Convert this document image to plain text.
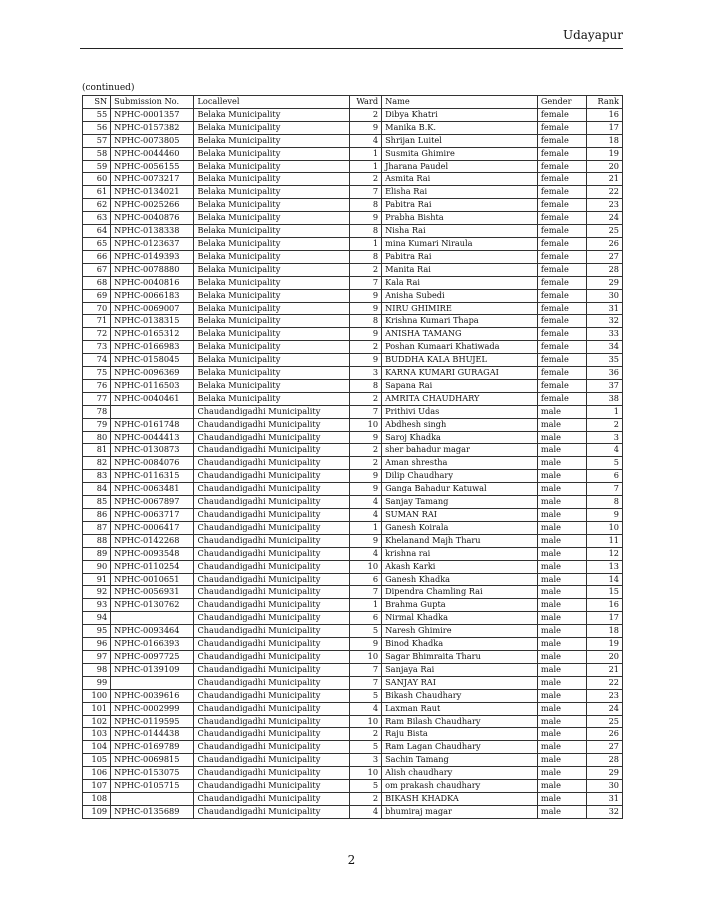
Udayapur
(continued)
SN	Submission No.	Locallevel	Ward	Name	Gender	Rank
55	NPHC-0001357	Belaka Municipality	2	Dibya Khatri	female	16
56	NPHC-0157382	Belaka Municipality	9	Manika B.K.	female	17
57	NPHC-0073805	Belaka Municipality	4	Shrijan Luitel	female	18
58	NPHC-0044460	Belaka Municipality	1	Susmita Ghimire	female	19
59	NPHC-0056155	Belaka Municipality	1	Jharana Paudel	female	20
60	NPHC-0073217	Belaka Municipality	2	Asmita Rai	female	21
61	NPHC-0134021	Belaka Municipality	7	Elisha Rai	female	22
62	NPHC-0025266	Belaka Municipality	8	Pabitra Rai	female	23
63	NPHC-0040876	Belaka Municipality	9	Prabha Bishta	female	24
64	NPHC-0138338	Belaka Municipality	8	Nisha Rai	female	25
65	NPHC-0123637	Belaka Municipality	1	mina Kumari Niraula	female	26
66	NPHC-0149393	Belaka Municipality	8	Pabitra Rai	female	27
67	NPHC-0078880	Belaka Municipality	2	Manita Rai	female	28
68	NPHC-0040816	Belaka Municipality	7	Kala Rai	female	29
69	NPHC-0066183	Belaka Municipality	9	Anisha Subedi	female	30
70	NPHC-0069007	Belaka Municipality	9	NIRU GHIMIRE	female	31
71	NPHC-0138315	Belaka Municipality	8	Krishna Kumari Thapa	female	32
72	NPHC-0165312	Belaka Municipality	9	ANISHA TAMANG	female	33
73	NPHC-0166983	Belaka Municipality	2	Poshan Kumaari Khatiwada	female	34
74	NPHC-0158045	Belaka Municipality	9	BUDDHA KALA BHUJEL	female	35
75	NPHC-0096369	Belaka Municipality	3	KARNA KUMARI GURAGAI	female	36
76	NPHC-0116503	Belaka Municipality	8	Sapana Rai	female	37
77	NPHC-0040461	Belaka Municipality	2	AMRITA CHAUDHARY	female	38
78		Chaudandigadhi Municipality	7	Prithivi Udas	male	1
79	NPHC-0161748	Chaudandigadhi Municipality	10	Abdhesh singh	male	2
80	NPHC-0044413	Chaudandigadhi Municipality	9	Saroj Khadka	male	3
81	NPHC-0130873	Chaudandigadhi Municipality	2	sher bahadur magar	male	4
82	NPHC-0084076	Chaudandigadhi Municipality	2	Aman shrestha	male	5
83	NPHC-0116315	Chaudandigadhi Municipality	9	Dilip Chaudhary	male	6
84	NPHC-0063481	Chaudandigadhi Municipality	9	Ganga Bahadur Katuwal	male	7
85	NPHC-0067897	Chaudandigadhi Municipality	4	Sanjay Tamang	male	8
86	NPHC-0063717	Chaudandigadhi Municipality	4	SUMAN RAI	male	9
87	NPHC-0006417	Chaudandigadhi Municipality	1	Ganesh Koirala	male	10
88	NPHC-0142268	Chaudandigadhi Municipality	9	Khelanand Majh Tharu	male	11
89	NPHC-0093548	Chaudandigadhi Municipality	4	krishna rai	male	12
90	NPHC-0110254	Chaudandigadhi Municipality	10	Akash Karki	male	13
91	NPHC-0010651	Chaudandigadhi Municipality	6	Ganesh Khadka	male	14
92	NPHC-0056931	Chaudandigadhi Municipality	7	Dipendra Chamling Rai	male	15
93	NPHC-0130762	Chaudandigadhi Municipality	1	Brahma Gupta	male	16
94		Chaudandigadhi Municipality	6	Nirmal Khadka	male	17
95	NPHC-0093464	Chaudandigadhi Municipality	5	Naresh Ghimire	male	18
96	NPHC-0166393	Chaudandigadhi Municipality	9	Binod Khadka	male	19
97	NPHC-0097725	Chaudandigadhi Municipality	10	Sagar Bhimraita Tharu	male	20
98	NPHC-0139109	Chaudandigadhi Municipality	7	Sanjaya Rai	male	21
99		Chaudandigadhi Municipality	7	SANJAY RAI	male	22
100	NPHC-0039616	Chaudandigadhi Municipality	5	Bikash Chaudhary	male	23
101	NPHC-0002999	Chaudandigadhi Municipality	4	Laxman Raut	male	24
102	NPHC-0119595	Chaudandigadhi Municipality	10	Ram Bilash Chaudhary	male	25
103	NPHC-0144438	Chaudandigadhi Municipality	2	Raju Bista	male	26
104	NPHC-0169789	Chaudandigadhi Municipality	5	Ram Lagan Chaudhary	male	27
105	NPHC-0069815	Chaudandigadhi Municipality	3	Sachin Tamang	male	28
106	NPHC-0153075	Chaudandigadhi Municipality	10	Alish chaudhary	male	29
107	NPHC-0105715	Chaudandigadhi Municipality	5	om prakash chaudhary	male	30
108		Chaudandigadhi Municipality	2	BIKASH KHADKA	male	31
109	NPHC-0135689	Chaudandigadhi Municipality	4	bhumiraj magar	male	32
2
